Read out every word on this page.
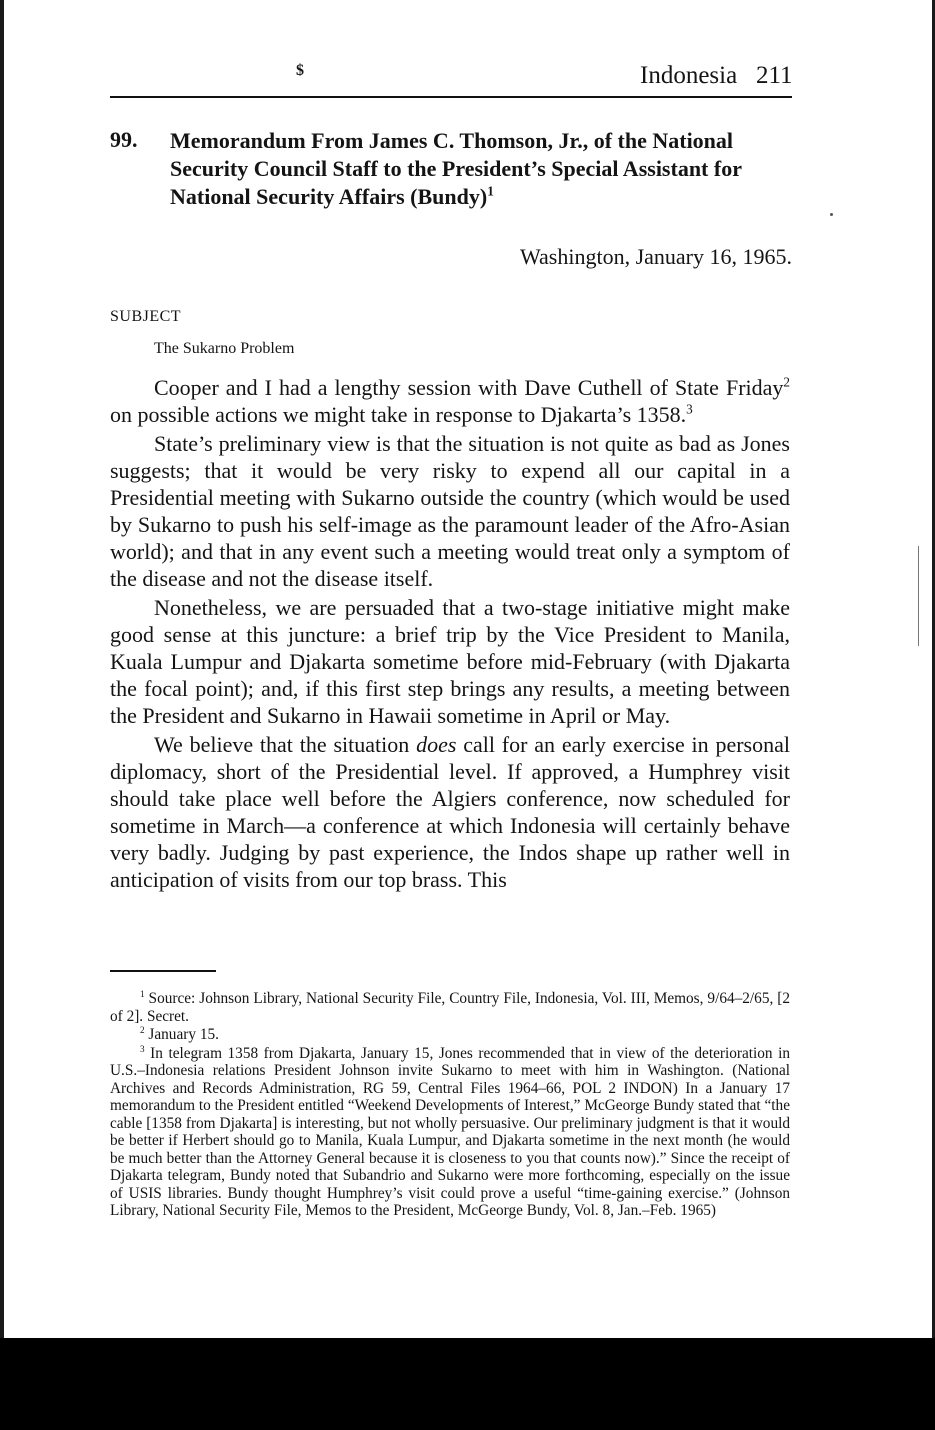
$	Indonesia   211
99. Memorandum From James C. Thomson, Jr., of the National Security Council Staff to the President’s Special Assistant for National Security Affairs (Bundy)$^1$
Washington, January 16, 1965.
SUBJECT
The Sukarno Problem

Cooper and I had a lengthy session with Dave Cuthell of State Friday$^2$ on possible actions we might take in response to Djakarta’s 1358.$^3$

State’s preliminary view is that the situation is not quite as bad as Jones suggests; that it would be very risky to expend all our capital in a Presidential meeting with Sukarno outside the country (which would be used by Sukarno to push his self-image as the paramount leader of the Afro-Asian world); and that in any event such a meeting would treat only a symptom of the disease and not the disease itself.

Nonetheless, we are persuaded that a two-stage initiative might make good sense at this juncture: a brief trip by the Vice President to Manila, Kuala Lumpur and Djakarta sometime before mid-February (with Djakarta the focal point); and, if this first step brings any results, a meeting between the President and Sukarno in Hawaii sometime in April or May.

We believe that the situation does call for an early exercise in personal diplomacy, short of the Presidential level. If approved, a Humphrey visit should take place well before the Algiers conference, now scheduled for sometime in March—a conference at which Indonesia will certainly behave very badly. Judging by past experience, the Indos shape up rather well in anticipation of visits from our top brass. This

$^1$ Source: Johnson Library, National Security File, Country File, Indonesia, Vol. III, Memos, 9/64–2/65, [2 of 2]. Secret.

$^2$ January 15.

$^3$ In telegram 1358 from Djakarta, January 15, Jones recommended that in view of the deterioration in U.S.–Indonesia relations President Johnson invite Sukarno to meet with him in Washington. (National Archives and Records Administration, RG 59, Central Files 1964–66, POL 2 INDON) In a January 17 memorandum to the President entitled “Weekend Developments of Interest,” McGeorge Bundy stated that “the cable [1358 from Djakarta] is interesting, but not wholly persuasive. Our preliminary judgment is that it would be better if Herbert should go to Manila, Kuala Lumpur, and Djakarta sometime in the next month (he would be much better than the Attorney General because it is closeness to you that counts now).” Since the receipt of Djakarta telegram, Bundy noted that Subandrio and Sukarno were more forthcoming, especially on the issue of USIS libraries. Bundy thought Humphrey’s visit could prove a useful “time-gaining exercise.” (Johnson Library, National Security File, Memos to the President, McGeorge Bundy, Vol. 8, Jan.–Feb. 1965)
